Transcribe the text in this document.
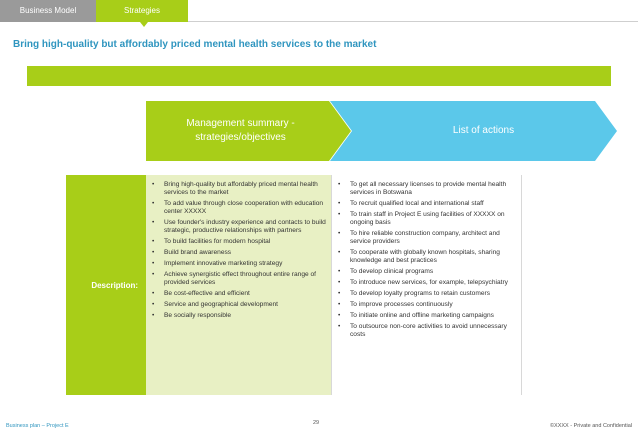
Business Model	Strategies
Bring high-quality but affordably priced mental health services to the market
Management summary - strategies/objectives
List of actions
Description:
• Bring high-quality but affordably priced mental health services to the market
• To add value through close cooperation with education center XXXXX
• Use founder's industry experience and contacts to build strategic, productive relationships with partners
• To build facilities for modern hospital
• Build brand awareness
• Implement innovative marketing strategy
• Achieve synergistic effect throughout entire range of provided services
• Be cost-effective and efficient
• Service and geographical development
• Be socially responsible
• To get all necessary licenses to provide mental health services in Botswana
• To recruit qualified local and international staff
• To train staff in Project E using facilities of XXXXX on ongoing basis
• To hire reliable construction company, architect and service providers
• To cooperate with globally known hospitals, sharing knowledge and best practices
• To develop clinical programs
• To introduce new services, for example, telepsychiatry
• To develop loyalty programs to retain customers
• To improve processes continuously
• To initiate online and offline marketing campaigns
• To outsource non-core activities to avoid unnecessary costs
Business plan – Project E	29	©XXXX - Private and Confidential
